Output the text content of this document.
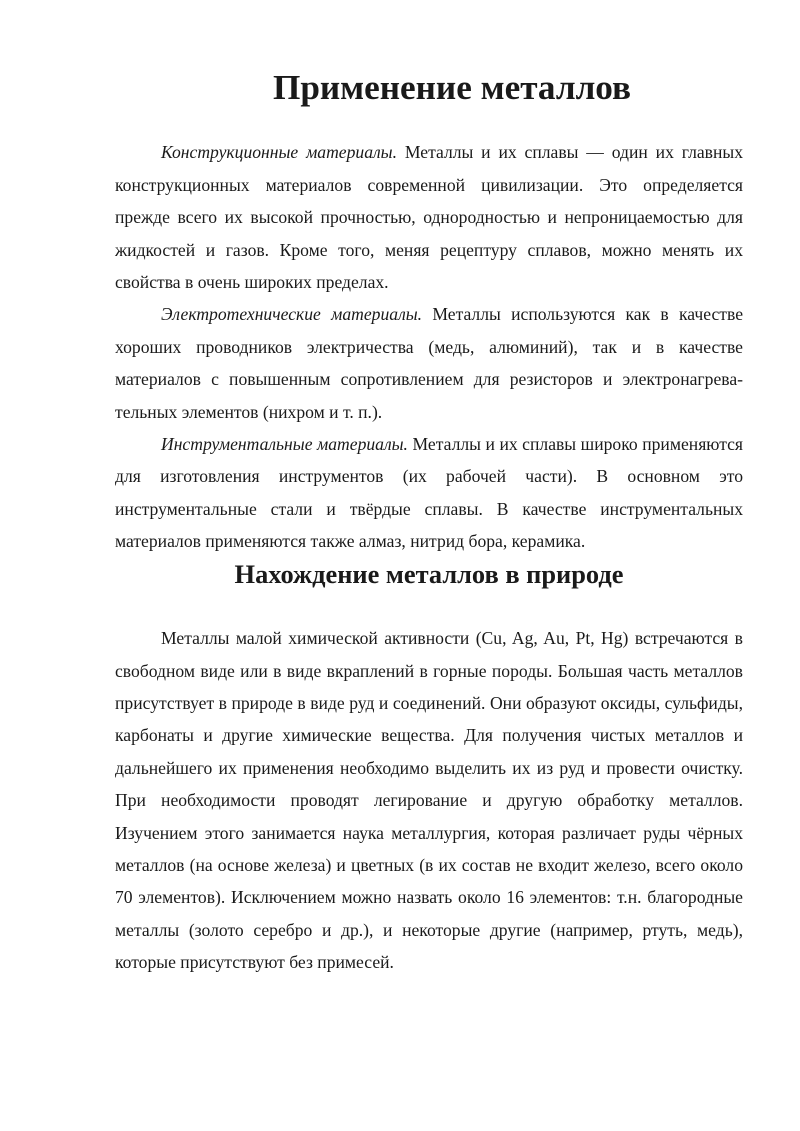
Применение металлов

Конструкционные материалы. Металлы и их сплавы — один их главных конструкционных материалов современной цивилизации. Это определяется прежде всего их высокой прочностью, однородностью и непроницаемостью для жидкостей и газов. Кроме того, меняя рецептуру сплавов, можно менять их свойства в очень широких пределах.

Электротехнические материалы. Металлы используются как в качестве хороших проводников электричества (медь, алюминий), так и в качестве материалов с повышенным сопротивлением для резисторов и электронагревательных элементов (нихром и т. п.).

Инструментальные материалы. Металлы и их сплавы широко применяются для изготовления инструментов (их рабочей части). В основном это инструментальные стали и твёрдые сплавы. В качестве инструментальных материалов применяются также алмаз, нитрид бора, керамика.

Нахождение металлов в природе

Металлы малой химической активности (Cu, Ag, Au, Pt, Hg) встречаются в свободном виде или в виде вкраплений в горные породы. Большая часть металлов присутствует в природе в виде руд и соединений. Они образуют оксиды, сульфиды, карбонаты и другие химические вещества. Для получения чистых металлов и дальнейшего их применения необходимо выделить их из руд и провести очистку. При необходимости проводят легирование и другую обработку металлов. Изучением этого занимается наука металлургия, которая различает руды чёрных металлов (на основе железа) и цветных (в их состав не входит железо, всего около 70 элементов). Исключением можно назвать около 16 элементов: т.н. благородные металлы (золото серебро и др.), и некоторые другие (например, ртуть, медь), которые присутствуют без примесей.
